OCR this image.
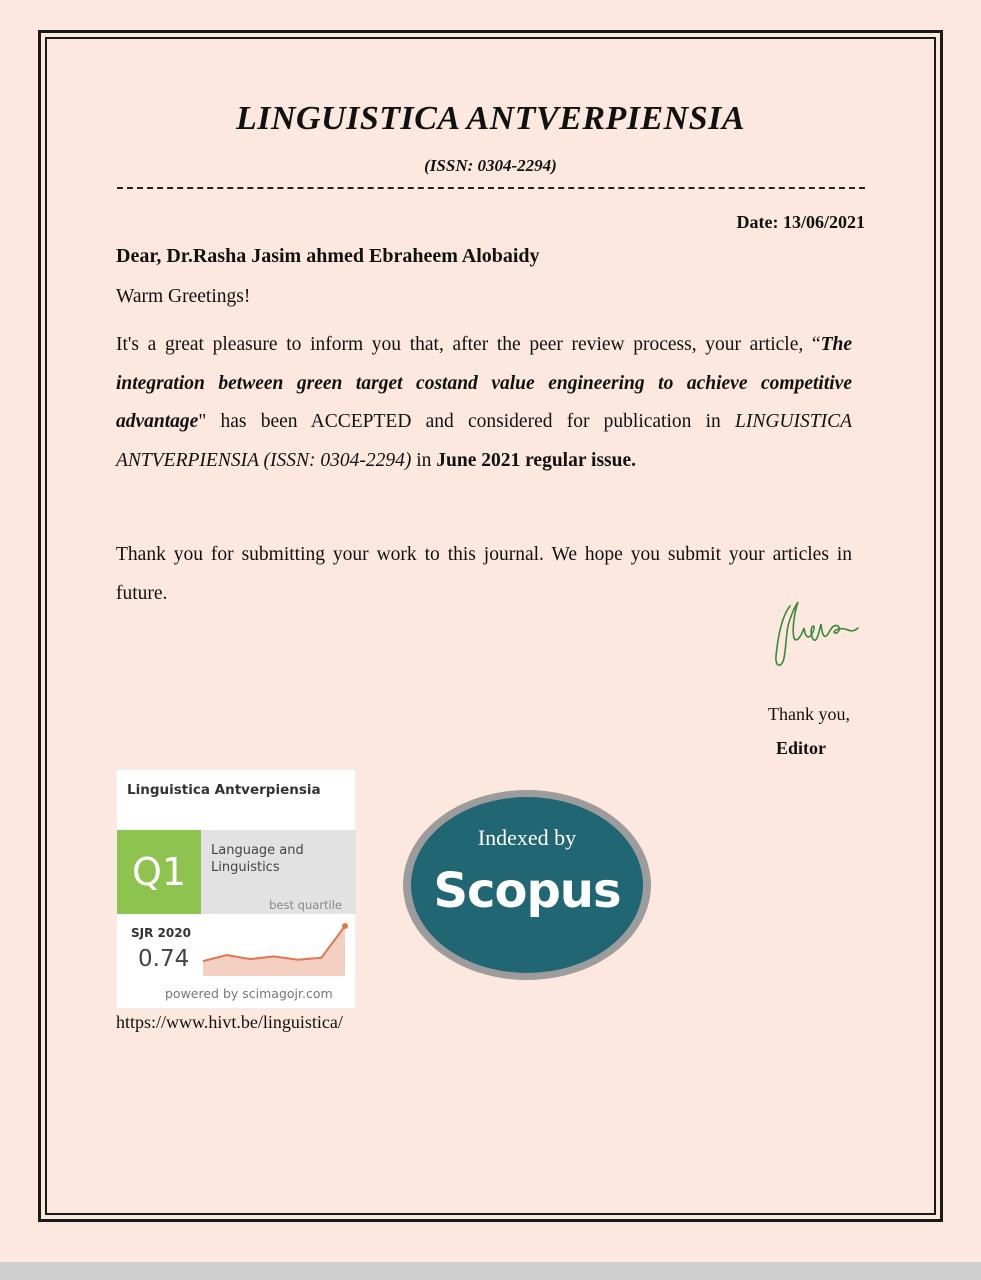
LINGUISTICA ANTVERPIENSIA
(ISSN: 0304-2294)
Date: 13/06/2021
Dear, Dr.Rasha Jasim ahmed Ebraheem Alobaidy
Warm Greetings!
It's a great pleasure to inform you that, after the peer review process, your article, “The integration between green target costand value engineering to achieve competitive advantage" has been ACCEPTED and considered for publication in LINGUISTICA ANTVERPIENSIA (ISSN: 0304-2294) in June 2021 regular issue.
Thank you for submitting your work to this journal. We hope you submit your articles in future.
Thank you,
Editor
Linguistica Antverpiensia
Q1	Language and Linguistics
best quartile
SJR 2020
0.74
powered by scimagojr.com
https://www.hivt.be/linguistica/
Indexed by
Scopus
